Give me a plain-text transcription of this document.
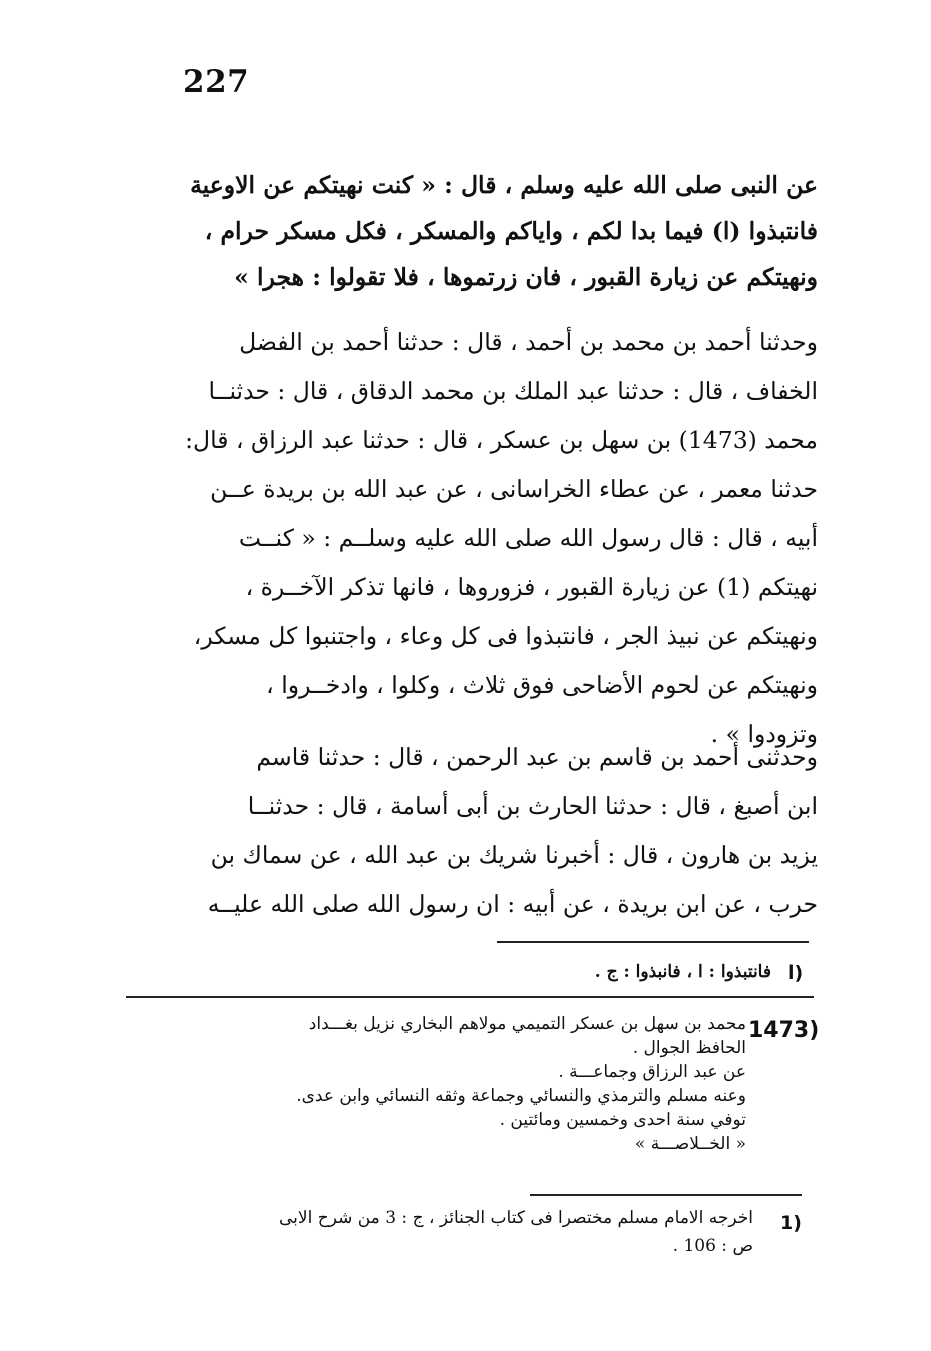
227
عن النبى صلى الله عليه وسلم ، قال : « كنت نهيتكم عن الاوعية
فانتبذوا (ا) فيما بدا لكم ، واياكم والمسكر ، فكل مسكر حرام ،
ونهيتكم عن زيارة القبور ، فان زرتموها ، فلا تقولوا : هجرا »
وحدثنا أحمد بن محمد بن أحمد ، قال : حدثنا أحمد بن الفضل
الخفاف ، قال : حدثنا عبد الملك بن محمد الدقاق ، قال : حدثنــا
محمد (1473) بن سهل بن عسكر ، قال : حدثنا عبد الرزاق ، قال:
حدثنا معمر ، عن عطاء الخراسانى ، عن عبد الله بن بريدة عــن
أبيه ، قال : قال رسول الله صلى الله عليه وسلــم : « كنــت
نهيتكم (1) عن زيارة القبور ، فزوروها ، فانها تذكر الآخــرة ،
ونهيتكم عن نبيذ الجر ، فانتبذوا فى كل وعاء ، واجتنبوا كل مسكر،
ونهيتكم عن لحوم الأضاحى فوق ثلاث ، وكلوا ، وادخــروا ،
وتزودوا » .
وحدثنى أحمد بن قاسم بن عبد الرحمن ، قال : حدثنا قاسم
ابن أصبغ ، قال : حدثنا الحارث بن أبى أسامة ، قال : حدثنــا
يزيد بن هارون ، قال : أخبرنا شريك بن عبد الله ، عن سماك بن
حرب ، عن ابن بريدة ، عن أبيه : ان رسول الله صلى الله عليــه
ا)
فانتبذوا : ا ، فانبذوا : ج .
1473)
محمد بن سهل بن عسكر التميمي مولاهم البخاري نزيل بغـــداد
الحافظ الجوال .
عن عبد الرزاق وجماعـــة .
وعنه مسلم والترمذي والنسائي وجماعة وثقه النسائي وابن عدى.
توفي سنة احدى وخمسين ومائتين .
« الخــلاصـــة »
1)
اخرجه الامام مسلم مختصرا فى كتاب الجنائز ، ج : 3 من شرح الابى
ص : 106 .
